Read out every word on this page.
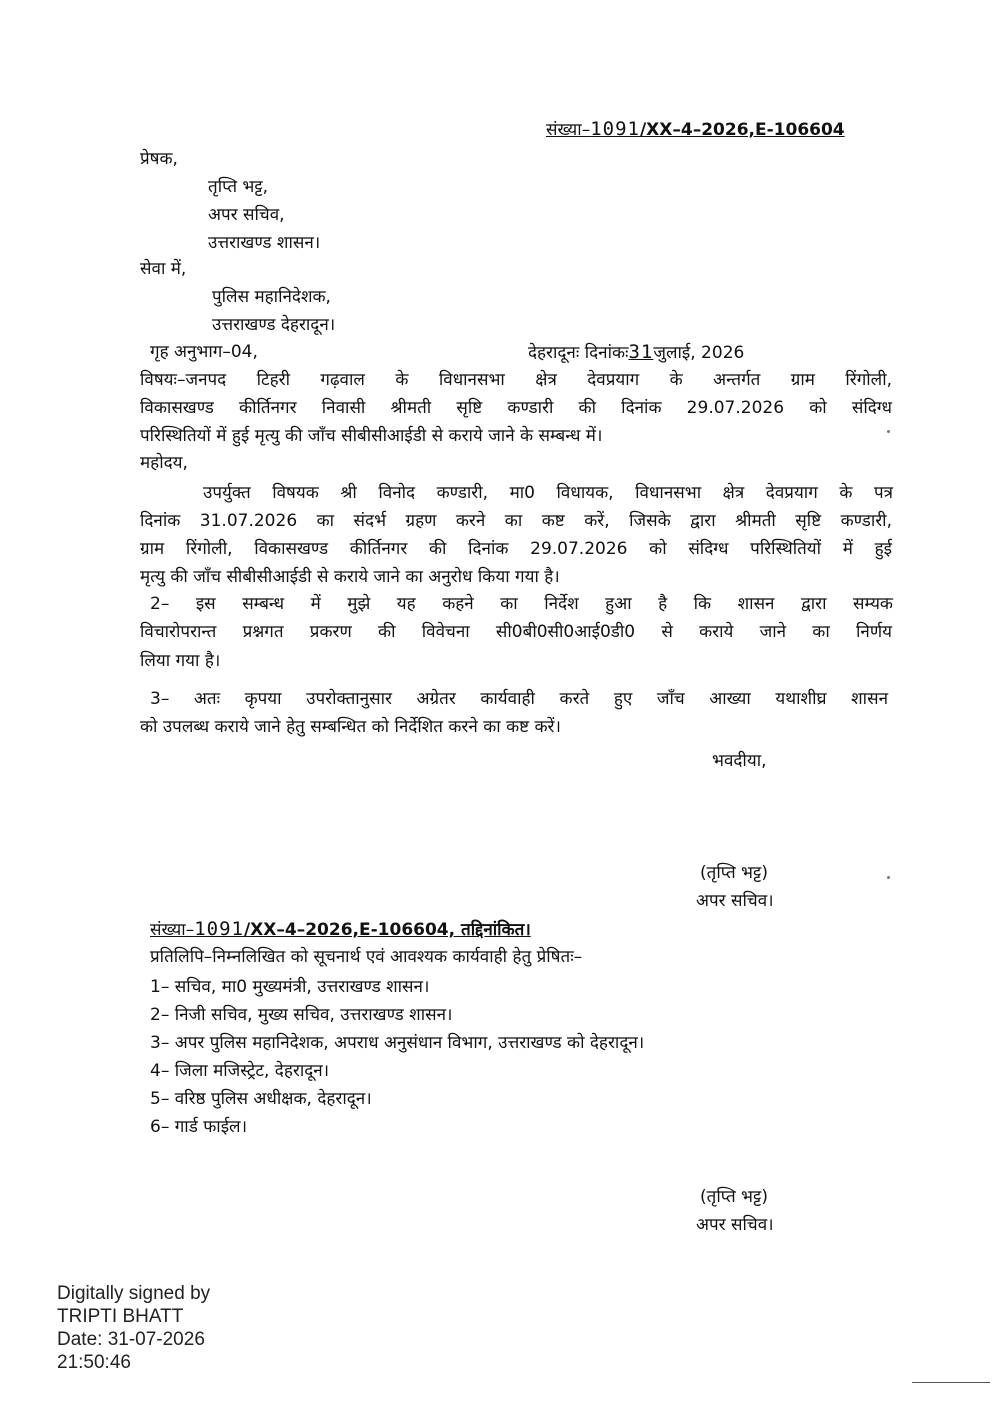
संख्या–1091/XX–4–2026,E-106604
प्रेषक,
तृप्ति भट्ट,
अपर सचिव,
उत्तराखण्ड शासन।
सेवा में,
पुलिस महानिदेशक,
उत्तराखण्ड देहरादून।
गृह अनुभाग–04,	देहरादूनः दिनांकः31जुलाई, 2026
विषयः–जनपद टिहरी गढ़वाल के विधानसभा क्षेत्र देवप्रयाग के अन्तर्गत ग्राम रिंगोली,
विकासखण्ड कीर्तिनगर निवासी श्रीमती सृष्टि कण्डारी की दिनांक 29.07.2026 को संदिग्ध
परिस्थितियों में हुई मृत्यु की जाँच सीबीसीआईडी से कराये जाने के सम्बन्ध में।
महोदय,
उपर्युक्त विषयक श्री विनोद कण्डारी, मा0 विधायक, विधानसभा क्षेत्र देवप्रयाग के पत्र
दिनांक 31.07.2026 का संदर्भ ग्रहण करने का कष्ट करें, जिसके द्वारा श्रीमती सृष्टि कण्डारी,
ग्राम रिंगोली, विकासखण्ड कीर्तिनगर की दिनांक 29.07.2026 को संदिग्ध परिस्थितियों में हुई
मृत्यु की जाँच सीबीसीआईडी से कराये जाने का अनुरोध किया गया है।
2– इस सम्बन्ध में मुझे यह कहने का निर्देश हुआ है कि शासन द्वारा सम्यक
विचारोपरान्त प्रश्नगत प्रकरण की विवेचना सी0बी0सी0आई0डी0 से कराये जाने का निर्णय
लिया गया है।
3– अतः कृपया उपरोक्तानुसार अग्रेतर कार्यवाही करते हुए जाँच आख्या यथाशीघ्र शासन
को उपलब्ध कराये जाने हेतु सम्बन्धित को निर्देशित करने का कष्ट करें।
भवदीया,
(तृप्ति भट्ट)
अपर सचिव।
संख्या–1091/XX–4–2026,E-106604, तद्दिनांकित।
प्रतिलिपि–निम्नलिखित को सूचनार्थ एवं आवश्यक कार्यवाही हेतु प्रेषितः–
1– सचिव, मा0 मुख्यमंत्री, उत्तराखण्ड शासन।
2– निजी सचिव, मुख्य सचिव, उत्तराखण्ड शासन।
3– अपर पुलिस महानिदेशक, अपराध अनुसंधान विभाग, उत्तराखण्ड को देहरादून।
4– जिला मजिस्ट्रेट, देहरादून।
5– वरिष्ठ पुलिस अधीक्षक, देहरादून।
6– गार्ड फाईल।
(तृप्ति भट्ट)
अपर सचिव।
Digitally signed by
TRIPTI BHATT
Date: 31-07-2026
21:50:46
